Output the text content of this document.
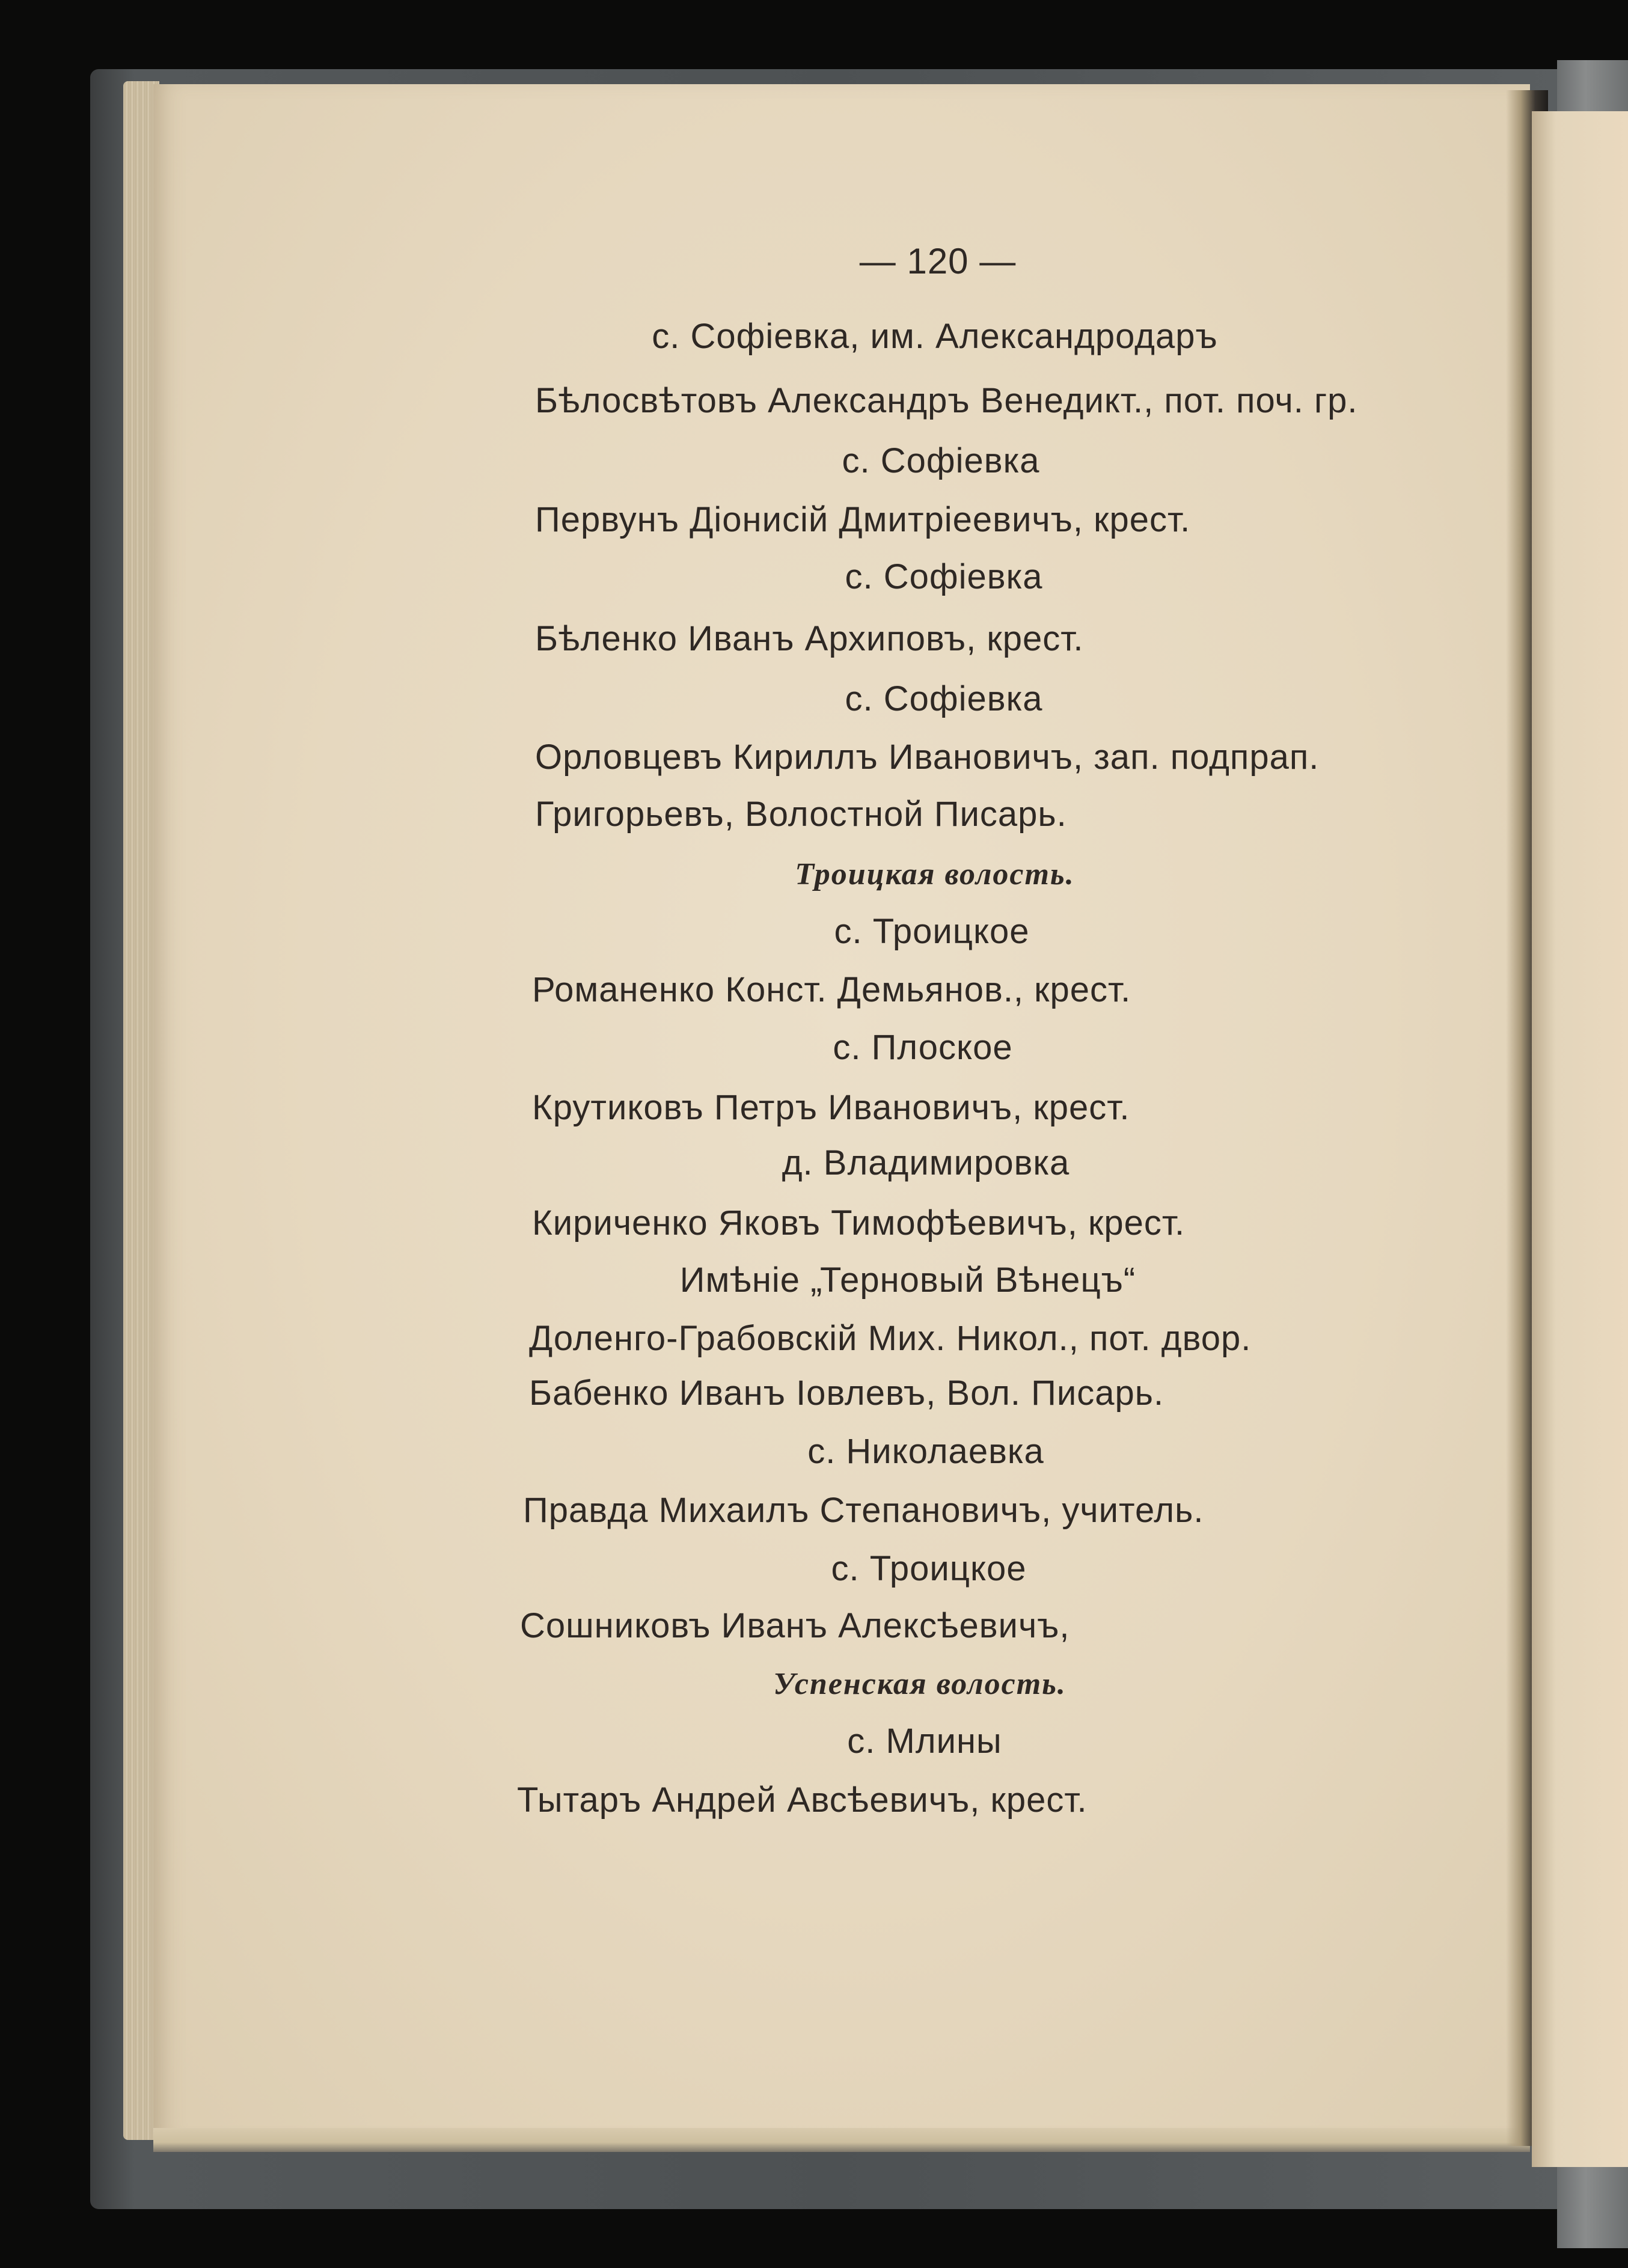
— 120 —
с. Софіевка, им. Александродаръ
Бѣлосвѣтовъ Александръ Венедикт., пот. поч. гр.
с. Софіевка
Первунъ Діонисій Дмитріеевичъ, крест.
с. Софіевка
Бѣленко Иванъ Архиповъ, крест.
с. Софіевка
Орловцевъ Кириллъ Ивановичъ, зап. подпрап.
Григорьевъ, Волостной Писарь.
Троицкая волость.
с. Троицкое
Романенко Конст. Демьянов., крест.
с. Плоское
Крутиковъ Петръ Ивановичъ, крест.
д. Владимировка
Кириченко Яковъ Тимофѣевичъ, крест.
Имѣніе „Терновый Вѣнецъ“
Доленго-Грабовскій Мих. Никол., пот. двор.
Бабенко Иванъ Іовлевъ, Вол. Писарь.
с. Николаевка
Правда Михаилъ Степановичъ, учитель.
с. Троицкое
Сошниковъ Иванъ Алексѣевичъ,
Успенская волость.
с. Млины
Тытаръ Андрей Авсѣевичъ, крест.
